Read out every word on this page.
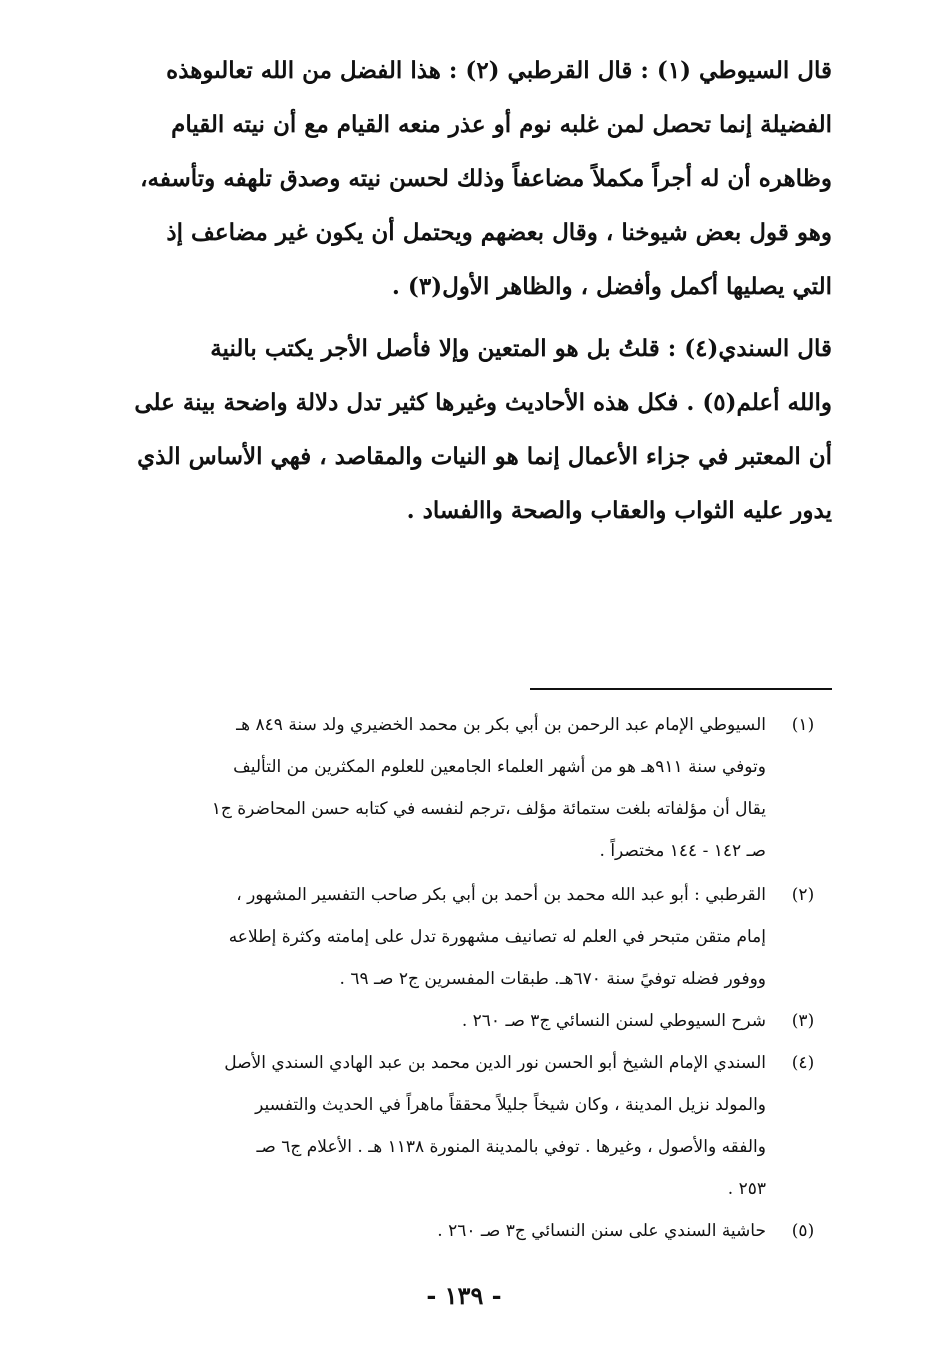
قال السيوطي (١) : قال القرطبي (٢) : هذا الفضل من الله تعالىوهذه
الفضيلة إنما تحصل لمن غلبه نوم أو عذر منعه القيام مع أن نيته القيام
وظاهره أن له أجراً مكملاً مضاعفاً وذلك لحسن نيته وصدق تلهفه وتأسفه،
وهو قول بعض شيوخنا ، وقال بعضهم ويحتمل أن يكون غير مضاعف إذ
التي يصليها أكمل وأفضل ، والظاهر الأول(٣) .
قال السندي(٤) : قلتُ بل هو المتعين وإلا فأصل الأجر يكتب بالنية
والله أعلم(٥) . فكل هذه الأحاديث وغيرها كثير تدل دلالة واضحة بينة على
أن المعتبر في جزاء الأعمال إنما هو النيات والمقاصد ، فهي الأساس الذي
يدور عليه الثواب والعقاب والصحة واالفساد .
(١)
السيوطي الإمام عبد الرحمن بن أبي بكر بن محمد الخضيري ولد سنة ٨٤٩ هـ
وتوفي سنة ٩١١هـ هو من أشهر العلماء الجامعين للعلوم المكثرين من التأليف
يقال أن مؤلفاته بلغت ستمائة مؤلف ،ترجم لنفسه في كتابه حسن المحاضرة ج١
صـ ١٤٢ - ١٤٤ مختصراً .
(٢)
القرطبي : أبو عبد الله محمد بن أحمد بن أبي بكر صاحب التفسير المشهور ،
إمام متقن متبحر في العلم له تصانيف مشهورة تدل على إمامته وكثرة إطلاعه
ووفور فضله توفيً سنة ٦٧٠هـ. طبقات المفسرين ج٢ صـ ٦٩ .
(٣)
شرح السيوطي لسنن النسائي ج٣ صـ ٢٦٠ .
(٤)
السندي الإمام الشيخ أبو الحسن نور الدين محمد بن عبد الهادي السندي الأصل
والمولد نزيل المدينة ، وكان شيخاً جليلاً محققاً ماهراً في الحديث والتفسير
والفقه والأصول ، وغيرها . توفي بالمدينة المنورة ١١٣٨ هـ . الأعلام ج٦ صـ
٢٥٣ .
(٥)
حاشية السندي على سنن النسائي ج٣ صـ ٢٦٠ .
- ١٣٩ -
